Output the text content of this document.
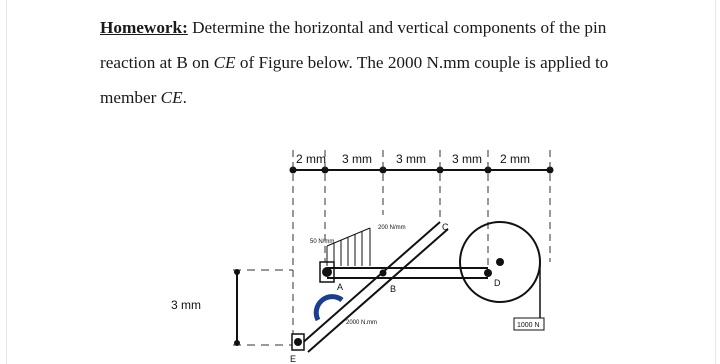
Homework: Determine the horizontal and vertical components of the pin
reaction at B on CE of Figure below. The 2000 N.mm couple is applied to
member CE.
2 mm 3 mm 3 mm 3 mm 2 mm
3 mm
1000 N
50 N/mm
200 N/mm
2000 N.mm
A	B
C
D
E
